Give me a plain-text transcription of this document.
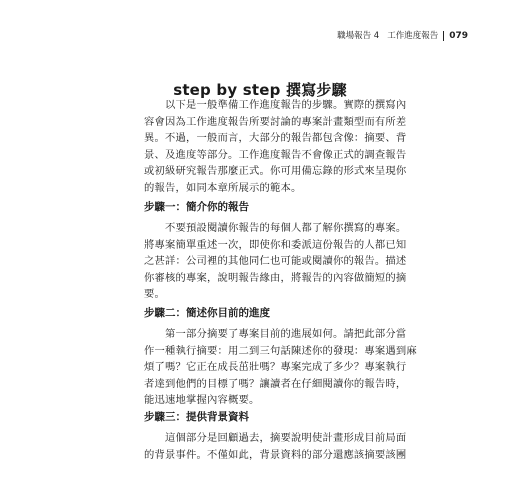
職場報告 4 工作進度報告 079
step by step 撰寫步驟

　　以下是一般準備工作進度報告的步驟。實際的撰寫內
容會因為工作進度報告所要討論的專案計畫類型而有所差
異。不過，一般而言，大部分的報告都包含像：摘要、背
景、及進度等部分。工作進度報告不會像正式的調查報告
或初級研究報告那麼正式。你可用備忘錄的形式來呈現你
的報告，如同本章所展示的範本。

步驟一：簡介你的報告

　　不要預設閱讀你報告的每個人都了解你撰寫的專案。
將專案簡單重述一次，即使你和委派這份報告的人都已知
之甚詳：公司裡的其他同仁也可能或閱讀你的報告。描述
你審核的專案，說明報告緣由，將報告的內容做簡短的摘
要。

步驟二：簡述你目前的進度

　　第一部分摘要了專案目前的進展如何。請把此部分當
作一種執行摘要：用二到三句話陳述你的發現：專案遇到麻
煩了嗎？它正在成長茁壯嗎？專案完成了多少？專案執行
者達到他們的目標了嗎？讓讀者在仔細閱讀你的報告時，
能迅速地掌握內容概要。

步驟三：提供背景資料

　　這個部分是回顧過去，摘要說明使計畫形成目前局面
的背景事件。不僅如此，背景資料的部分還應該摘要該團
